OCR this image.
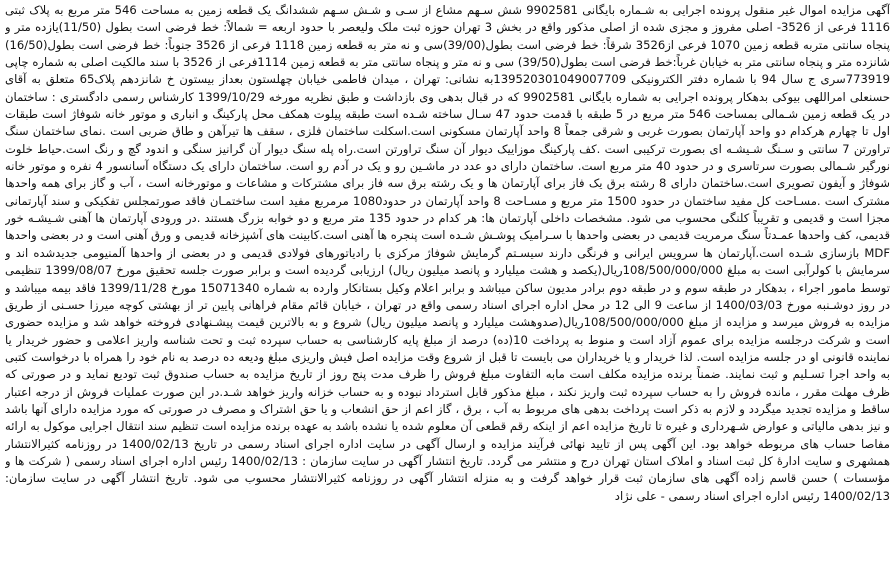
آگهی مزایده اموال غیر منقول پرونده اجرایی به شـماره بایگانی 9902581 شش سـهم مشاع از سـی و شـش سـهم ششدانگ یک قطعه زمین به مساحت 546 متر مربع به پلاک ثبتی 1116 فرعی از 3526- اصلی مفروز و مجزی شده از اصلی مذکور واقع در بخش 3 تهران حوزه ثبت ملک ولیعصر با حدود اربعه = شمالاً: خط فرضی است بطول (11/50)یازده متر و پنجاه سانتی متربه قطعه زمین 1070 فرعی از3526 شرقاً: خط فرضی است بطول(39/00)سی و نه متر به قطعه زمین 1118 فرعی از 3526 جنوباً: خط فرضی است بطول(16/50) شانزده متر و پنجاه سانتی متر به خیابان غرباً:خط فرضی است بطول(39/50) سی و نه متر و پنجاه سانتی متر به قطعه زمین 1114فرعی از 3526 با سند مالکیت اصلی به شماره چاپی 773919سری ج سال 94 با شماره دفتر الکترونیکی 139520301049007709به نشانی: تهران ، میدان فاطمی خیابان چهلستون بعداز بیستون خ شانزدهم پلاک65 متعلق به آقای حسنعلی امراللهی بیوکی بدهکار پرونده اجرایی به شماره بایگانی 9902581 که در قبال بدهی وی بازداشت و طبق نظریه مورخه 1399/10/29 کارشناس رسمی دادگستری : ساختمان در یک قطعه زمین شـمالی بمساحت 546 متر مربع در 5 طبقه با قدمت حدود 47 سـال ساخته شـده است طبقه پیلوت همکف محل پارکینگ و انباری و موتور خانه شوفاژ است طبقات اول تا چهارم هرکدام دو واحد آپارتمان بصورت غربی و شرقی جمعاً 8 واحد آپارتمان مسکونی است.اسکلت ساختمان فلزی ، سقف ها تیرآهن و طاق ضربی است .نمای ساختمان سنگ تراورتن 7 سانتی و سـنگ شـیشـه ای بصورت ترکیبی است .کف پارکینگ موزاییک دیوار آن سنگ تراورتن است.راه پله سنگ دیوار آن گرانیز سنگی و اندود گچ و رنگ است.حیاط خلوت نورگیر شـمالی بصورت سرتاسری و در حدود 40 متر مربع است. ساختمان دارای دو عدد در ماشـین رو و یک در آدم رو است. ساختمان دارای یک دستگاه آسانسور 4 نفره و موتور خانه شوفاژ و آیفون تصویری است.ساختمان دارای 8 رشته برق یک فاز برای آپارتمان ها و یک رشته برق سه فاز برای مشترکات و مشاعات و موتورخانه است ، آب و گاز برای همه واحدها مشترک است .مسـاحت کل مفید ساختمان در حدود 1500 متر مربع و مسـاحت 8 واحد آپارتمان در حدود1080 مرمربع مفید است ساختمـان فاقد صورتمجلس تفکیکی و سند آپارتمانی مجزا است و قدیمی و تقریباً کلنگی محسوب می شود. مشخصات داخلی آپارتمان ها: هر کدام در حدود 135 متر مربع و دو خوابه بزرگ هستند .در ورودی آپارتمان ها آهنی شـیشـه خور قدیمی، کف واحدها عمـدتاً سنگ مرمریت قدیمی در بعضی واحدها با سـرامیک پوشـش شـده است پنجره ها آهنی است.کابینت های آشپزخانه قدیمی و ورق آهنی است و در بعضی واحدها MDF بازسازی شـده است.آپارتمان ها سرویس ایرانی و فرنگی دارند سیسـتم گرمایش شوفاژ مرکزی با رادیاتورهای فولادی قدیمی و در بعضی از واحدها آلمنیومی جدیدشده اند و سرمایش با کولرآبی است به مبلغ 108/500/000/000ریال(یکصد و هشت میلیارد و پانصد میلیون ریال) ارزیابی گردیده است و برابر صورت جلسه تحقیق مورخ 1399/08/07 تنظیمی توسط مامور اجراء ، بدهکار در طبقه سوم و در طبقه دوم برادر مدیون ساکن میباشد و برابر اعلام وکیل بستانکار وارده به شماره 15071340 مورخ 1399/11/28 فاقد بیمه میباشد و در روز دوشـنبه مورخ 1400/03/03 از ساعت 9 الی 12 در محل اداره اجرای اسناد رسمی واقع در تهران ، خیابان قائم مقام فراهانی پایین تر از بهشتی کوچه میرزا حسـنی از طریق مزایده به فروش میرسد و مزایده از مبلغ 108/500/000/000ریال(صدوهشت میلیارد و پانصد میلیون ریال) شروع و به بالاترین قیمت پیشـنهادی فروخته خواهد شد و مزایده حضوری است و شرکت درجلسه مزایده برای عموم آزاد است و منوط به پرداخت 10(ده) درصد از مبلغ پایه کارشناسی به حساب سپرده ثبت و تحت شناسه واریز اعلامی و حضور خریدار یا نماینده قانونی او در جلسه مزایده است. لذا خریدار و یا خریداران می بایست تا قبل از شروع وقت مزایده اصل فیش واریزی مبلغ ودیعه ده درصد به نام خود را همراه با درخواست کتبی به واحد اجرا تسـلیم و ثبت نمایند. ضمناً برنده مزایده مکلف است مابه التفاوت مبلغ فروش را ظرف مدت پنج روز از تاریخ مزایده به حساب صندوق ثبت تودیع نماید و در صورتی که ظرف مهلت مقرر ، مانده فروش را به حساب سپرده ثبت واریز نکند ، مبلغ مذکور قابل استرداد نبوده و به حساب خزانه واریز خواهد شـد.در این صورت عملیات فروش از درجه اعتبار ساقط و مزایده تجدید میگردد و لازم به ذکر است پرداخت بدهی های مربوط به آب ، برق ، گاز اعم از حق انشعاب و یا حق اشتراک و مصرف در صورتی که مورد مزایده دارای آنها باشد و نیز بدهی مالیاتی و عوارض شـهرداری و غیره تا تاریخ مزایده اعم از اینکه رقم قطعی آن معلوم شده یا نشده باشد به عهده برنده مزایده است تنظیم سند انتقال اجرایی موکول به ارائه مفاصا حساب های مربوطه خواهد بود. این آگهی پس از تایید نهائی فرآیند مزایده و ارسال آگهی در سایت اداره اجرای اسناد رسمی در تاریخ 1400/02/13 در روزنامه کثیرالانتشار همشهری و سایت ادارۀ کل ثبت اسناد و املاک استان تهران درج و منتشر می گردد. تاریخ انتشار آگهی در سایت سازمان : 1400/02/13 رئیس اداره اجرای اسناد رسمی ( شرکت ها و مؤسسات ) حسن قاسم زاده آگهی های سازمان ثبت قرار خواهد گرفت و به منزله انتشار آگهی در روزنامه کثیرالانتشار محسوب می شود. تاریخ انتشار آگهی در سایت سازمان: 1400/02/13 رئیس اداره اجرای اسناد رسمی - علی نژاد
